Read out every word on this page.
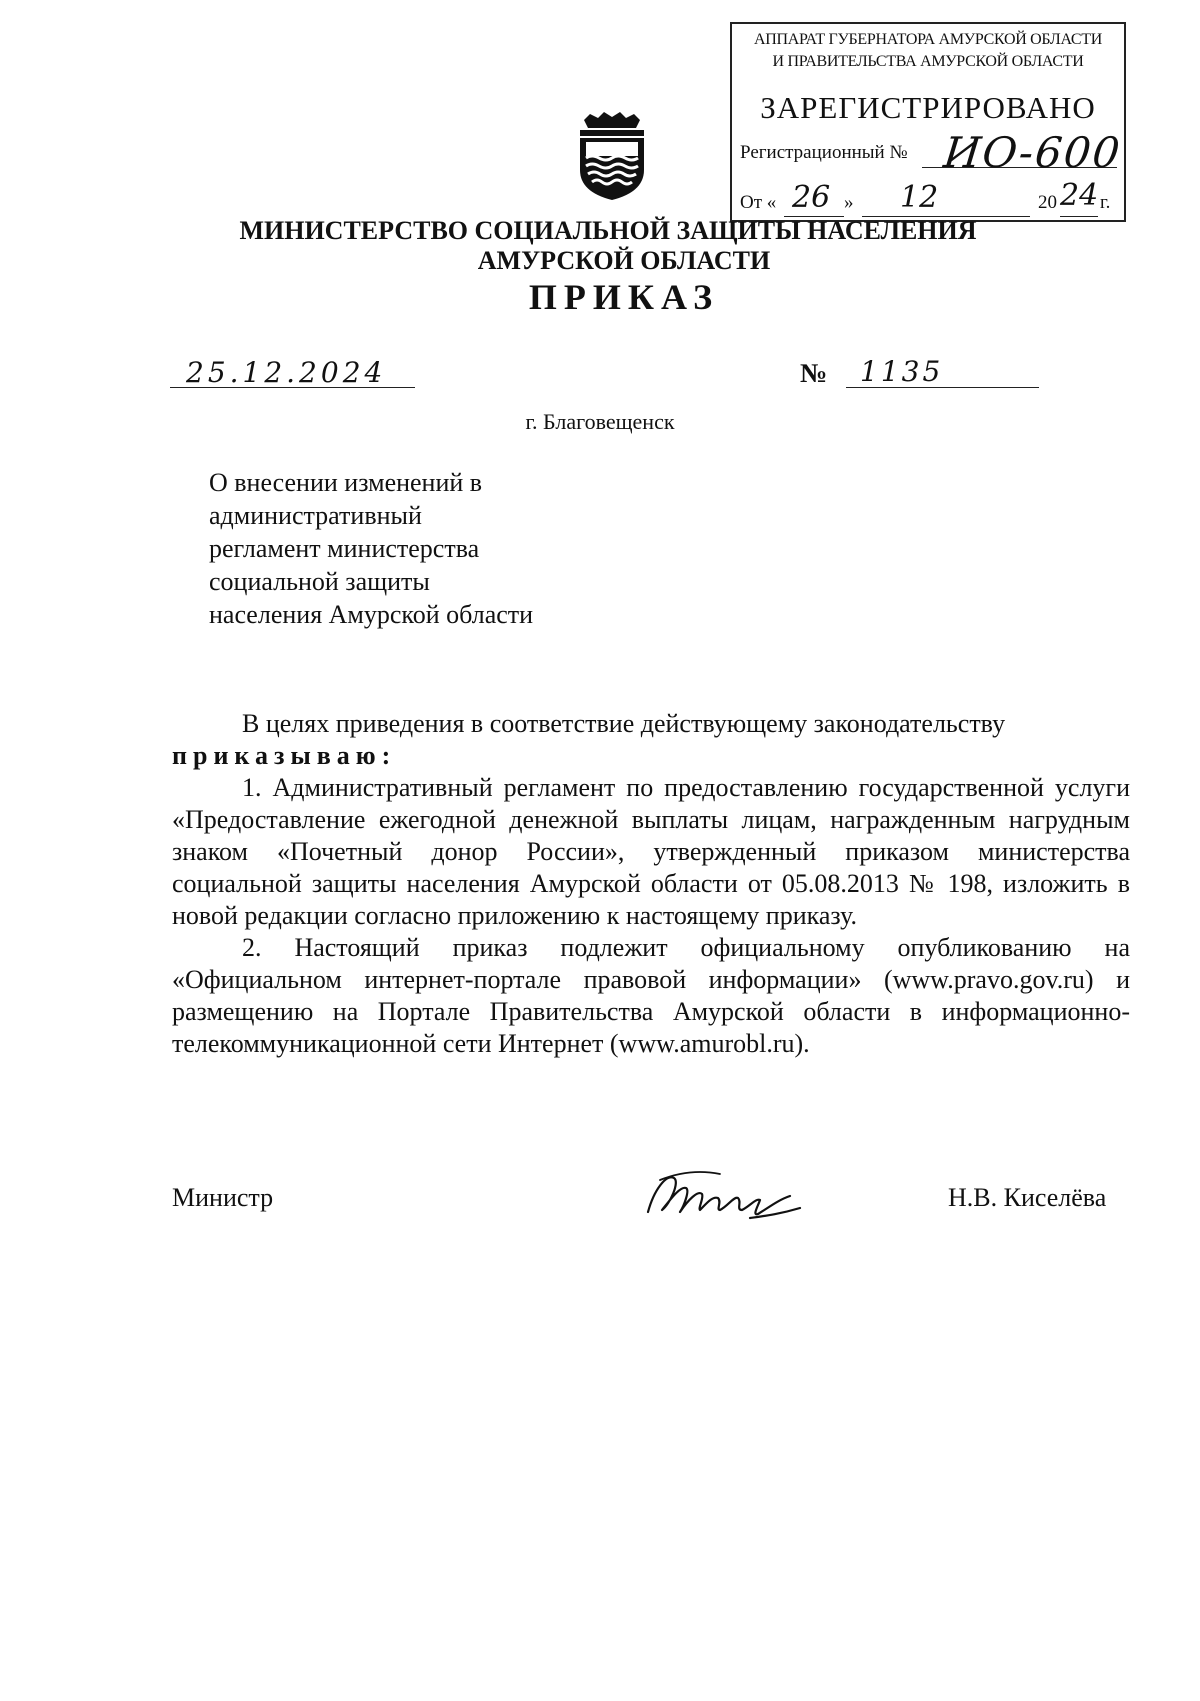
АППАРАТ ГУБЕРНАТОРА АМУРСКОЙ ОБЛАСТИ
И ПРАВИТЕЛЬСТВА АМУРСКОЙ ОБЛАСТИ
ЗАРЕГИСТРИРОВАНО
Регистрационный № ИО-600
От « 26 » 12	20 24 г.
МИНИСТЕРСТВО СОЦИАЛЬНОЙ ЗАЩИТЫ НАСЕЛЕНИЯ
АМУРСКОЙ ОБЛАСТИ
ПРИКАЗ
25.12.2024	№ 1135
г. Благовещенск
О внесении изменений в
административный
регламент министерства
социальной защиты
населения Амурской области

В целях приведения в соответствие действующему законодательству

приказываю:

1. Административный регламент по предоставлению государственной услуги «Предоставление ежегодной денежной выплаты лицам, награжденным нагрудным знаком «Почетный донор России», утвержденный приказом министерства социальной защиты населения Амурской области от 05.08.2013 № 198, изложить в новой редакции согласно приложению к настоящему приказу.

2. Настоящий приказ подлежит официальному опубликованию на «Официальном интернет-портале правовой информации» (www.pravo.gov.ru) и размещению на Портале Правительства Амурской области в информационно-телекоммуникационной сети Интернет (www.amurobl.ru).

Министр	Н.В. Киселёва
